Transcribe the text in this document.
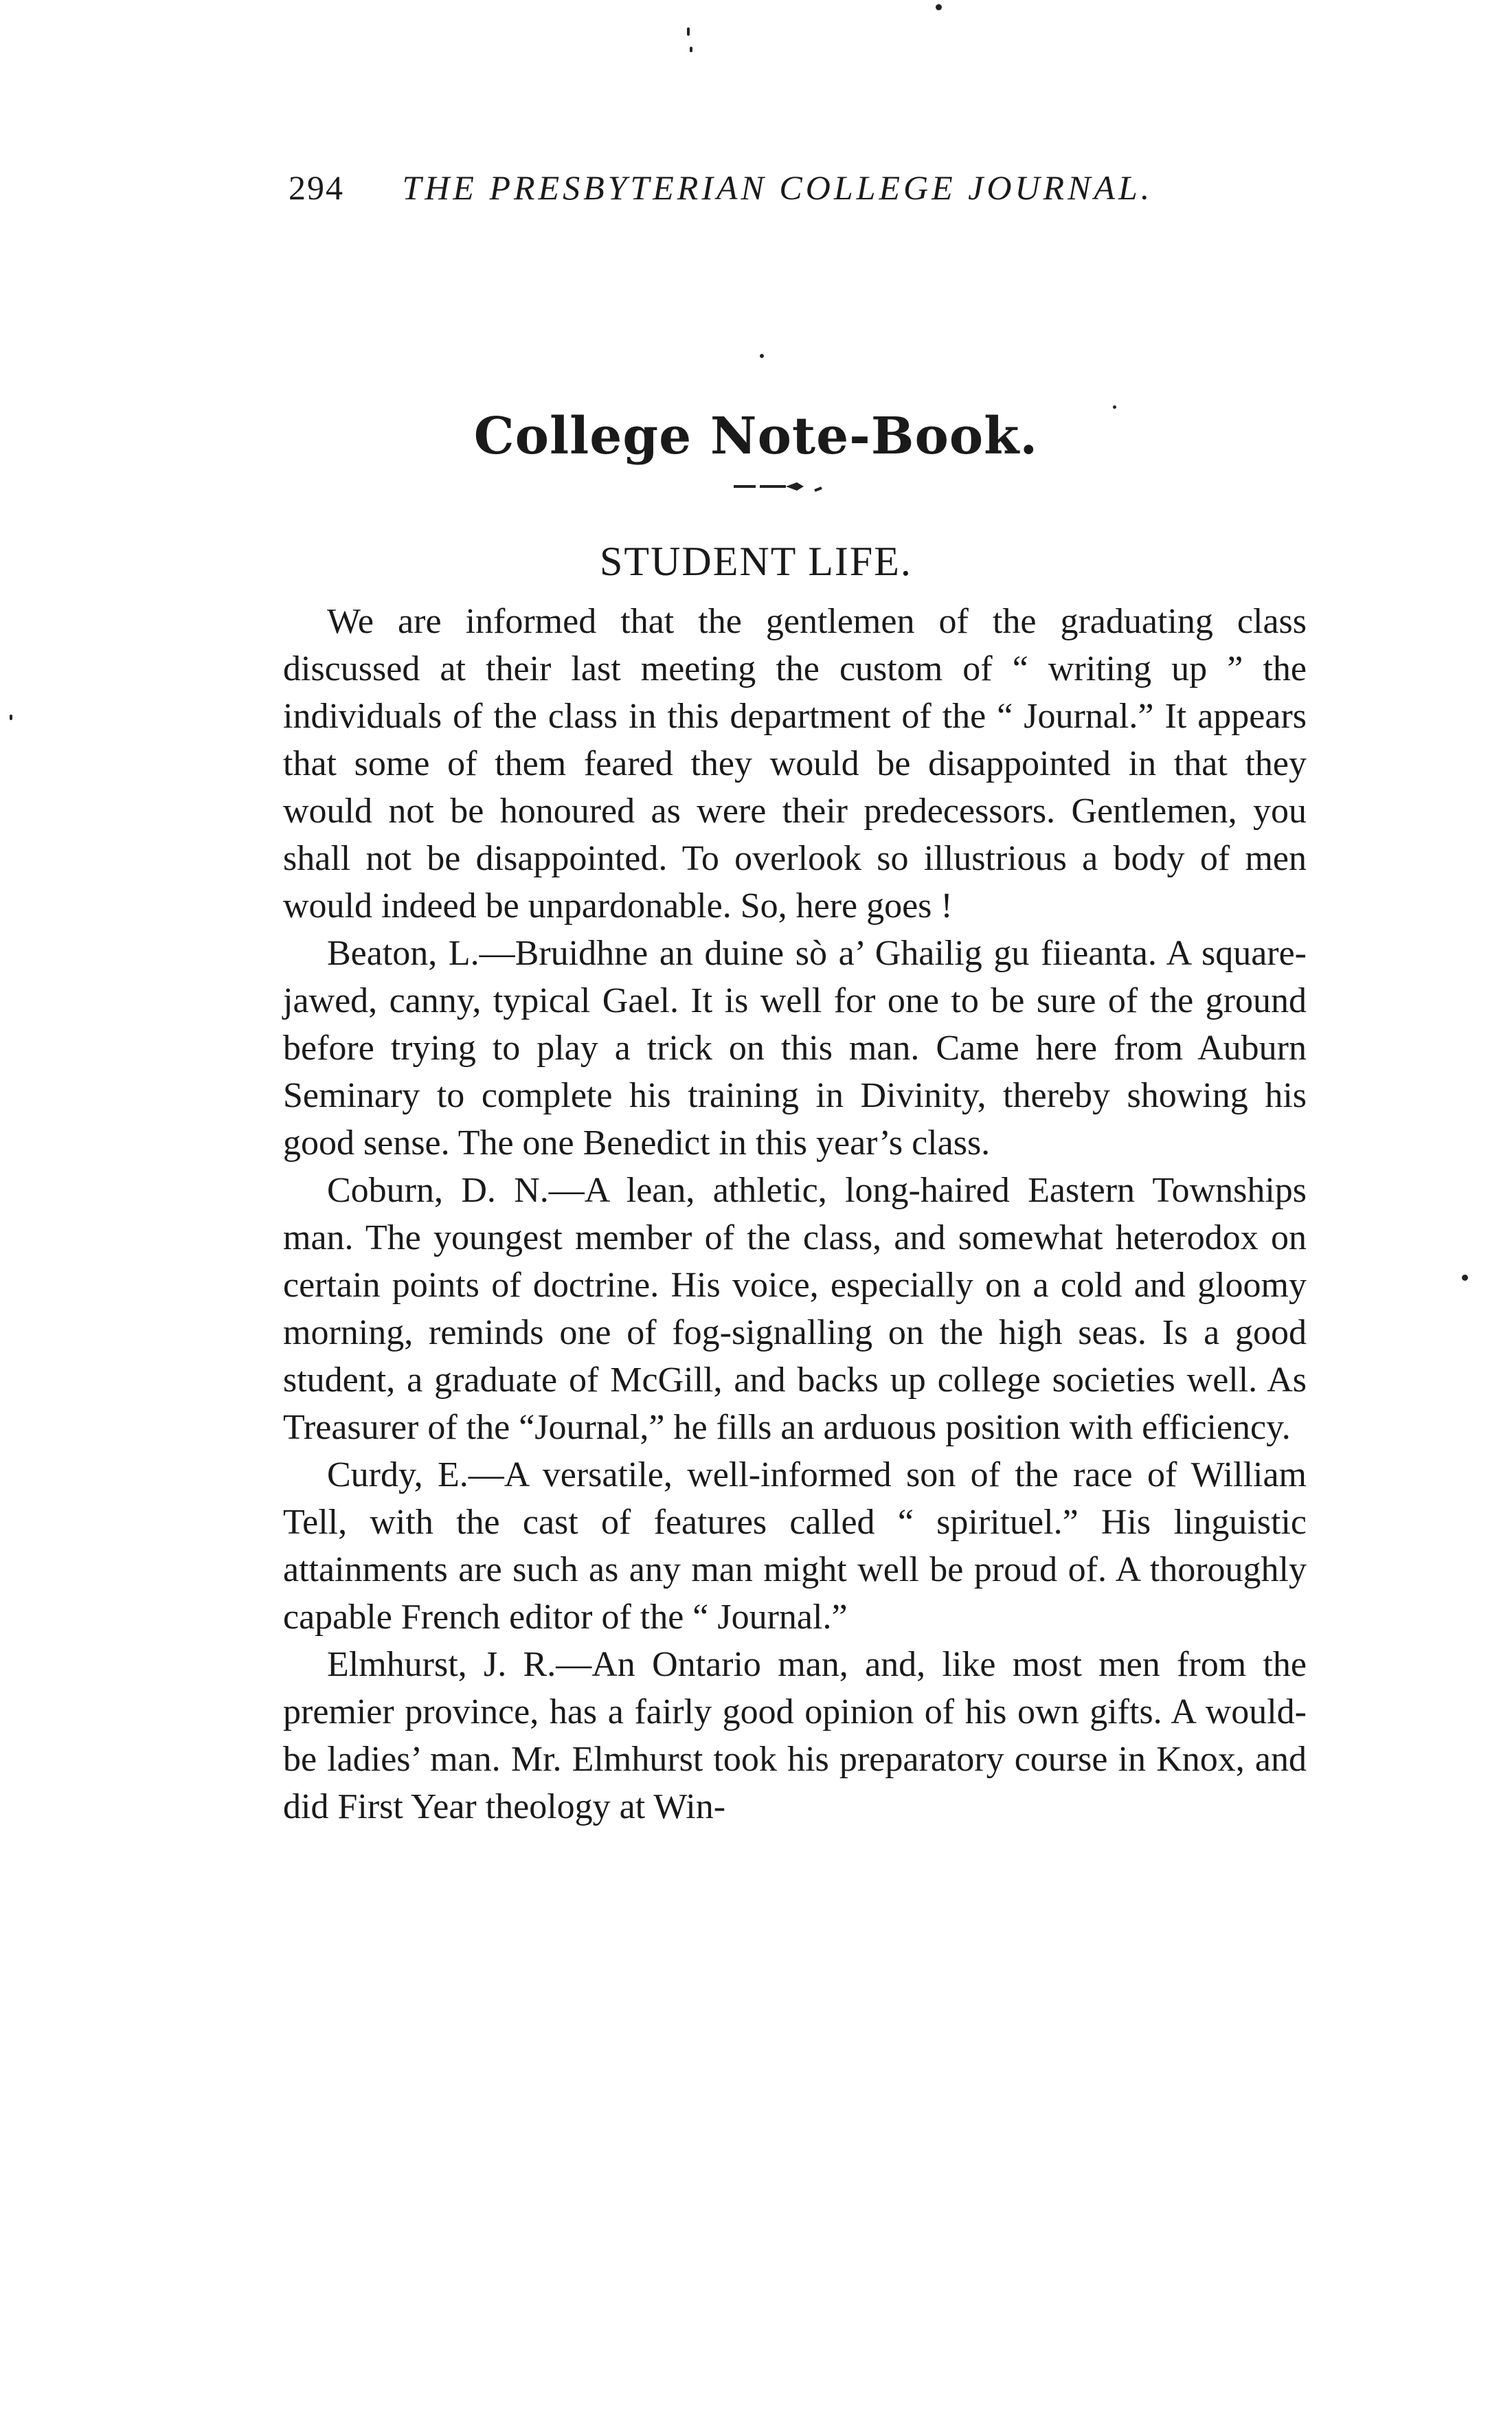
294 THE PRESBYTERIAN COLLEGE JOURNAL.
College Note-Book.
STUDENT LIFE.

We are informed that the gentlemen of the graduating class discussed at their last meeting the custom of “ writing up ” the individuals of the class in this department of the “ Journal.” It appears that some of them feared they would be disappointed in that they would not be honoured as were their predecessors. Gentlemen, you shall not be disappointed. To overlook so illustrious a body of men would indeed be unpardonable. So, here goes !

Beaton, L.—Bruidhne an duine sò a’ Ghailig gu fiieanta. A square-jawed, canny, typical Gael. It is well for one to be sure of the ground before trying to play a trick on this man. Came here from Auburn Seminary to complete his training in Divinity, thereby showing his good sense. The one Benedict in this year’s class.

Coburn, D. N.—A lean, athletic, long-haired Eastern Townships man. The youngest member of the class, and somewhat heterodox on certain points of doctrine. His voice, especially on a cold and gloomy morning, reminds one of fog-signalling on the high seas. Is a good student, a graduate of McGill, and backs up college societies well. As Treasurer of the “Journal,” he fills an arduous position with efficiency.

Curdy, E.—A versatile, well-informed son of the race of William Tell, with the cast of features called “ spirituel.” His linguistic attainments are such as any man might well be proud of. A thoroughly capable French editor of the “ Journal.”

Elmhurst, J. R.—An Ontario man, and, like most men from the premier province, has a fairly good opinion of his own gifts. A would-be ladies’ man. Mr. Elmhurst took his preparatory course in Knox, and did First Year theology at Win-
